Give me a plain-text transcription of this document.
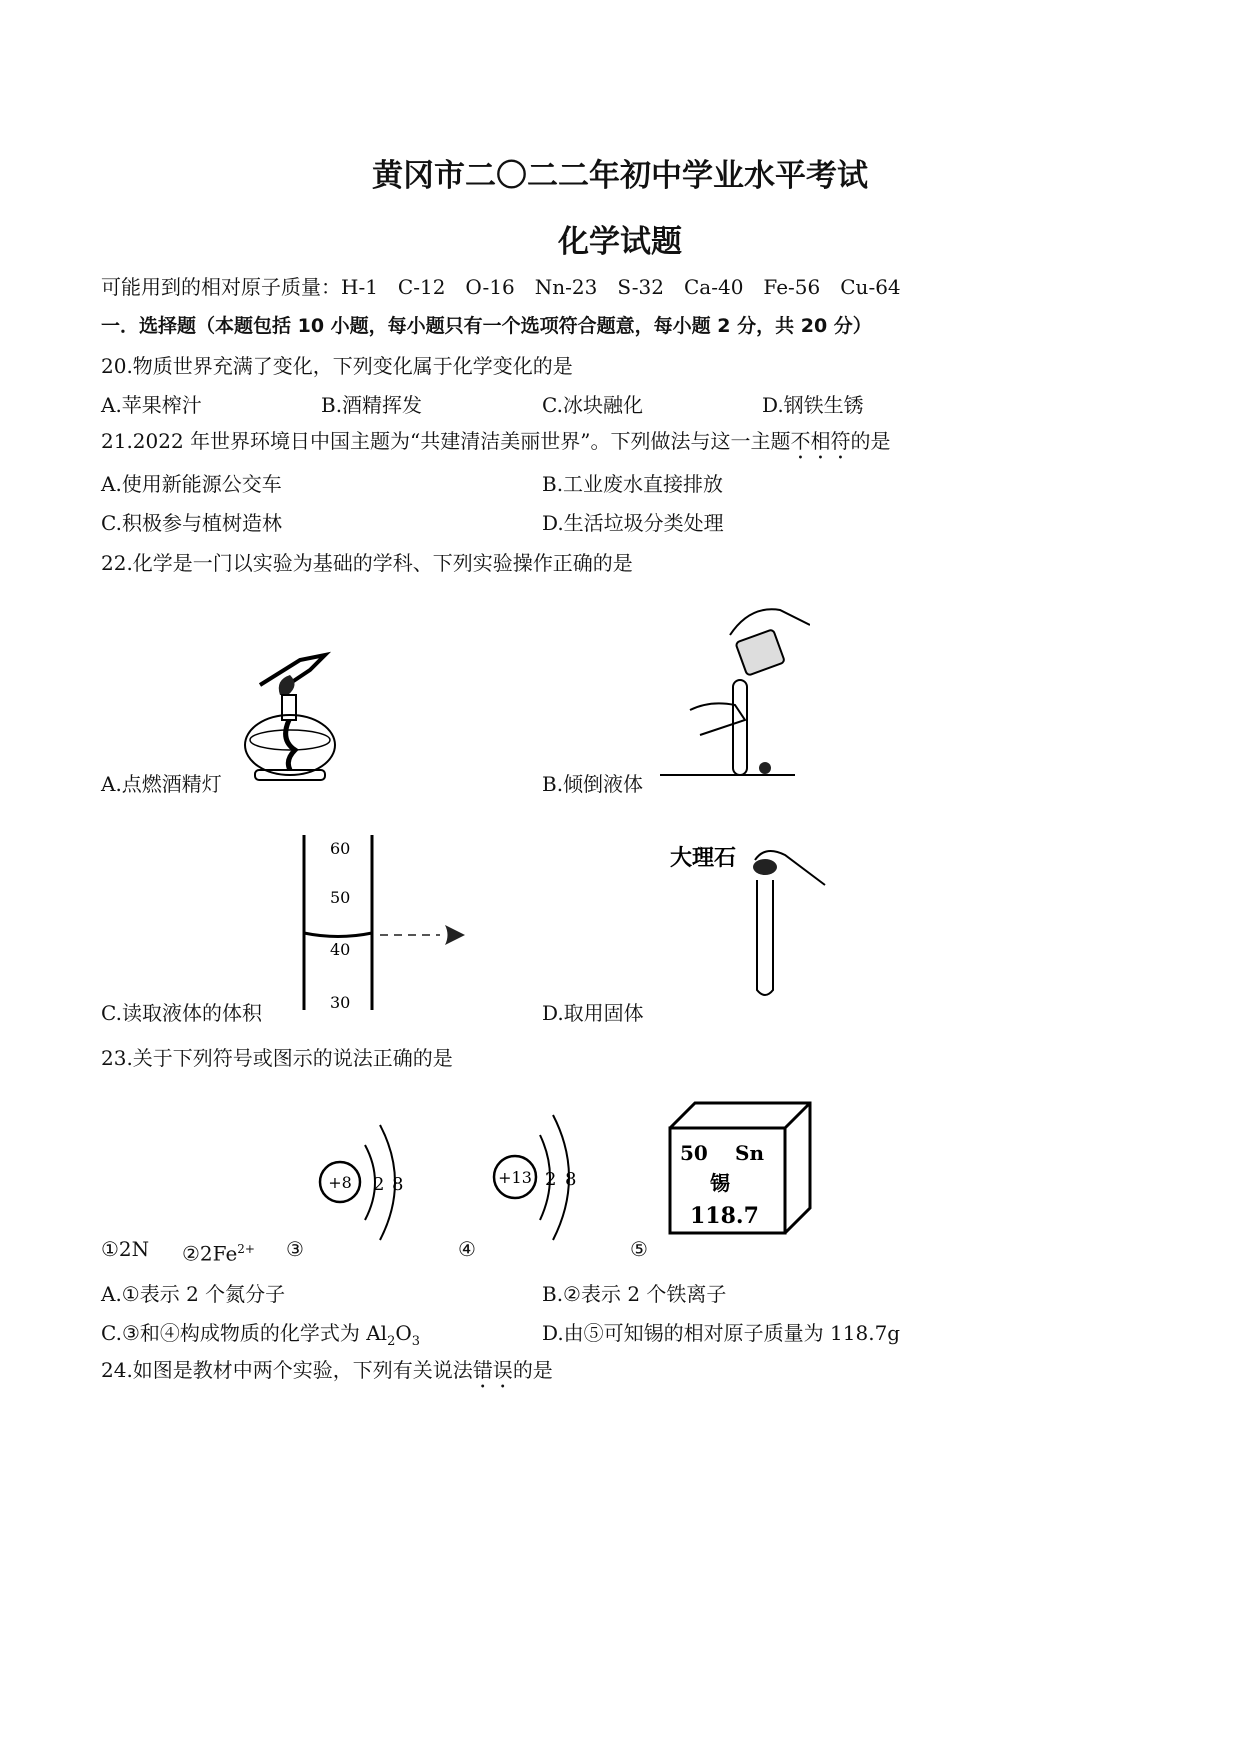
黄冈市二〇二二年初中学业水平考试
化学试题
可能用到的相对原子质量：H-1　C-12　O-16　Nn-23　S-32　Ca-40　Fe-56　Cu-64
一．选择题（本题包括 10 小题，每小题只有一个选项符合题意，每小题 2 分，共 20 分）
20.物质世界充满了变化，下列变化属于化学变化的是
A.苹果榨汁	B.酒精挥发	C.冰块融化	D.钢铁生锈
21.2022 年世界环境日中国主题为“共建清洁美丽世界”。下列做法与这一主题不相符的是
A.使用新能源公交车	B.工业废水直接排放
C.积极参与植树造林	D.生活垃圾分类处理
22.化学是一门以实验为基础的学科、下列实验操作正确的是
A.点燃酒精灯	B.倾倒液体
60
50
40
30
C.读取液体的体积
大理石
D.取用固体
23.关于下列符号或图示的说法正确的是
+8 2 8	+13 2 8
50 Sn
锡
118.7
①2N $②2Fe^{2+}$ ③	④	⑤
A.①表示 2 个氮分子	B.②表示 2 个铁离子
C.③和④构成物质的化学式为 $Al_2O_3$	D.由⑤可知锡的相对原子质量为 118.7g
24.如图是教材中两个实验，下列有关说法错误的是
